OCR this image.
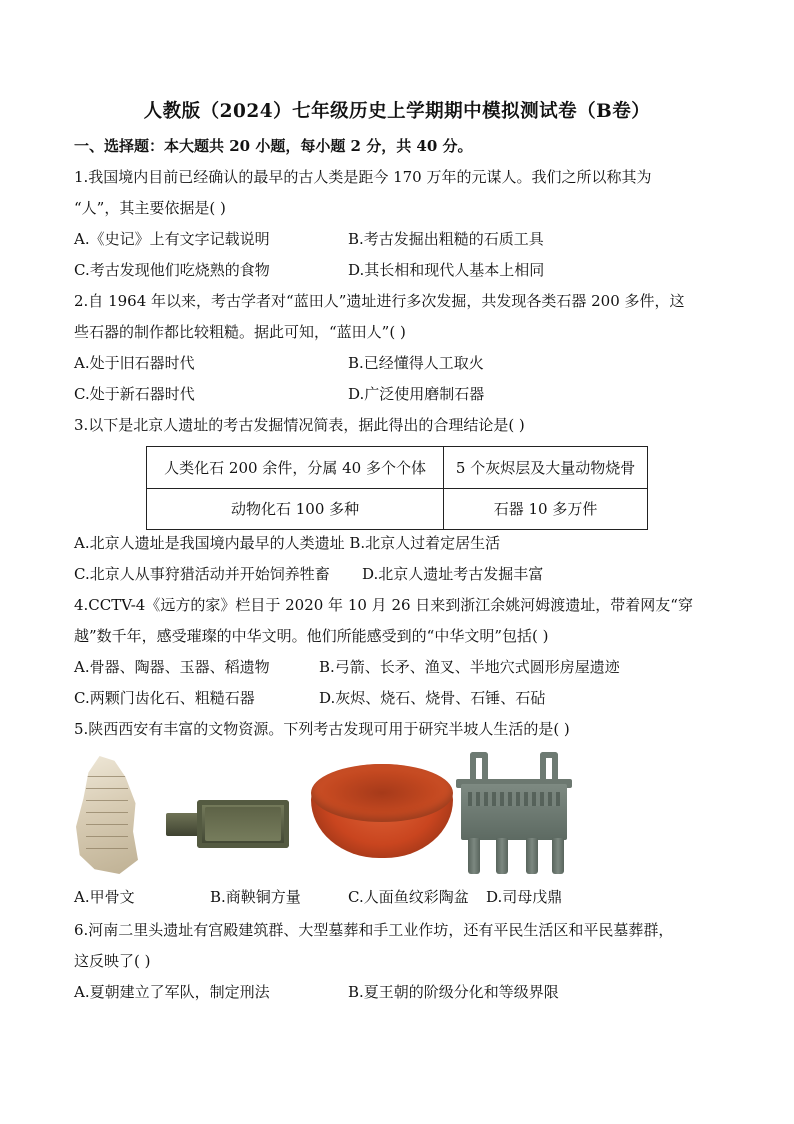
人教版（2024）七年级历史上学期期中模拟测试卷（B卷）
一、选择题：本大题共 20 小题，每小题 2 分，共 40 分。
1.我国境内目前已经确认的最早的古人类是距今 170 万年的元谋人。我们之所以称其为
“人”，其主要依据是( )
A.《史记》上有文字记载说明	B.考古发掘出粗糙的石质工具
C.考古发现他们吃烧熟的食物	D.其长相和现代人基本上相同
2.自 1964 年以来，考古学者对“蓝田人”遗址进行多次发掘，共发现各类石器 200 多件，这
些石器的制作都比较粗糙。据此可知，“蓝田人”( )
A.处于旧石器时代	B.已经懂得人工取火
C.处于新石器时代	D.广泛使用磨制石器
3.以下是北京人遗址的考古发掘情况简表，据此得出的合理结论是( )
人类化石 200 余件，分属 40 多个个体	5 个灰烬层及大量动物烧骨
动物化石 100 多种	石器 10 多万件
A.北京人遗址是我国境内最早的人类遗址 B.北京人过着定居生活
C.北京人从事狩猎活动并开始饲养牲畜 D.北京人遗址考古发掘丰富
4.CCTV-4《远方的家》栏目于 2020 年 10 月 26 日来到浙江余姚河姆渡遗址，带着网友“穿
越”数千年，感受璀璨的中华文明。他们所能感受到的“中华文明”包括( )
A.骨器、陶器、玉器、稻遗物	B.弓箭、长矛、渔叉、半地穴式圆形房屋遗迹
C.两颗门齿化石、粗糙石器	D.灰烬、烧石、烧骨、石锤、石砧
5.陕西西安有丰富的文物资源。下列考古发现可用于研究半坡人生活的是( )
A.甲骨文	B.商鞅铜方量	C.人面鱼纹彩陶盆 D.司母戊鼎
6.河南二里头遗址有宫殿建筑群、大型墓葬和手工业作坊，还有平民生活区和平民墓葬群，
这反映了( )
A.夏朝建立了军队，制定刑法	B.夏王朝的阶级分化和等级界限
